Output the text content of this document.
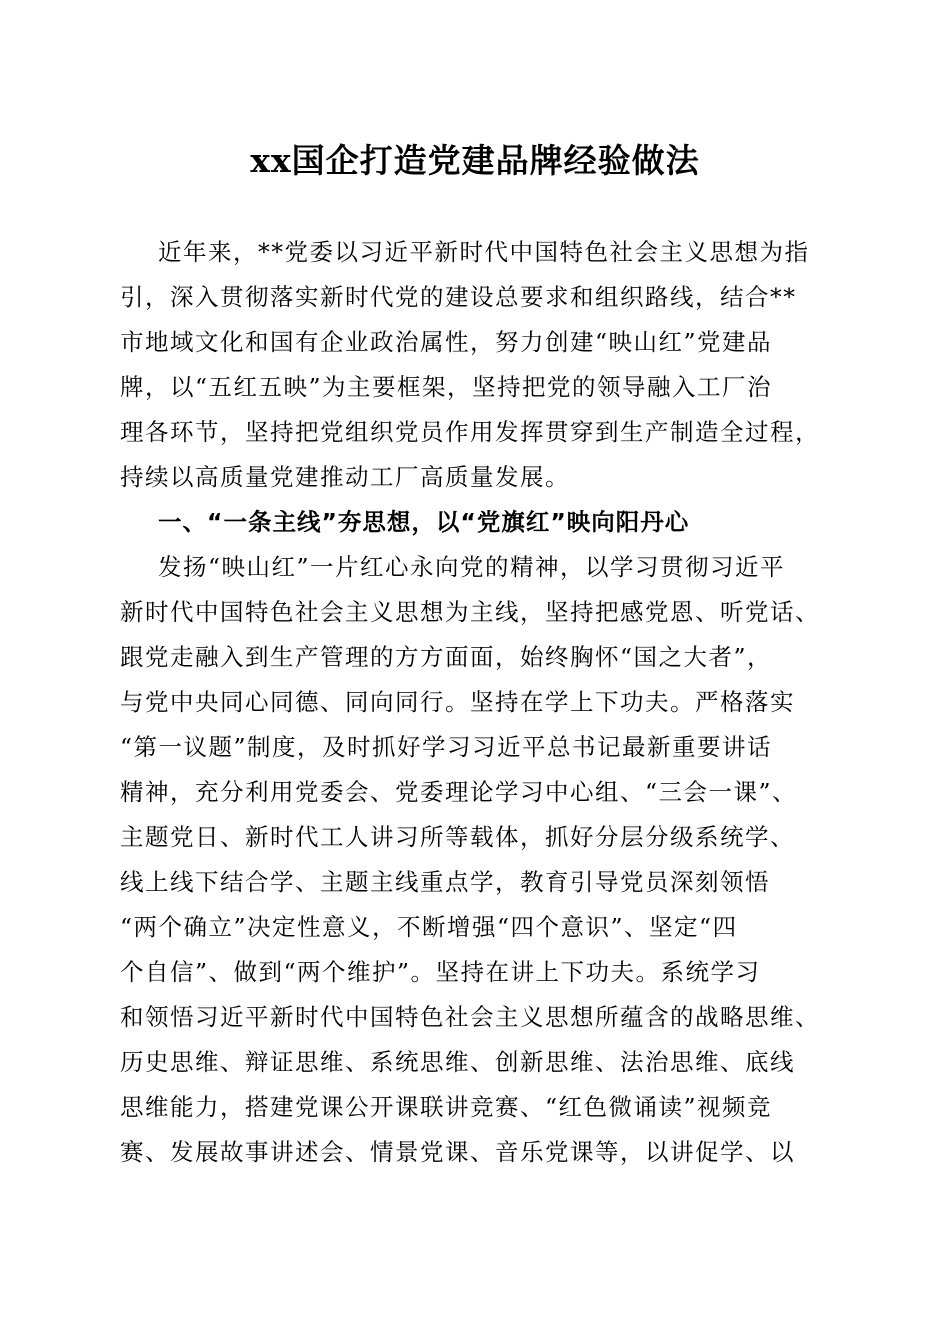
xx国企打造党建品牌经验做法
近年来，**党委以习近平新时代中国特色社会主义思想为指
引，深入贯彻落实新时代党的建设总要求和组织路线，结合**
市地域文化和国有企业政治属性，努力创建“映山红”党建品
牌，以“五红五映”为主要框架，坚持把党的领导融入工厂治
理各环节，坚持把党组织党员作用发挥贯穿到生产制造全过程，
持续以高质量党建推动工厂高质量发展。
一、“一条主线”夯思想，以“党旗红”映向阳丹心
发扬“映山红”一片红心永向党的精神，以学习贯彻习近平
新时代中国特色社会主义思想为主线，坚持把感党恩、听党话、
跟党走融入到生产管理的方方面面，始终胸怀“国之大者”，
与党中央同心同德、同向同行。坚持在学上下功夫。严格落实
“第一议题”制度，及时抓好学习习近平总书记最新重要讲话
精神，充分利用党委会、党委理论学习中心组、“三会一课”、
主题党日、新时代工人讲习所等载体，抓好分层分级系统学、
线上线下结合学、主题主线重点学，教育引导党员深刻领悟
“两个确立”决定性意义，不断增强“四个意识”、坚定“四
个自信”、做到“两个维护”。坚持在讲上下功夫。系统学习
和领悟习近平新时代中国特色社会主义思想所蕴含的战略思维、
历史思维、辩证思维、系统思维、创新思维、法治思维、底线
思维能力，搭建党课公开课联讲竞赛、“红色微诵读”视频竞
赛、发展故事讲述会、情景党课、音乐党课等，以讲促学、以
